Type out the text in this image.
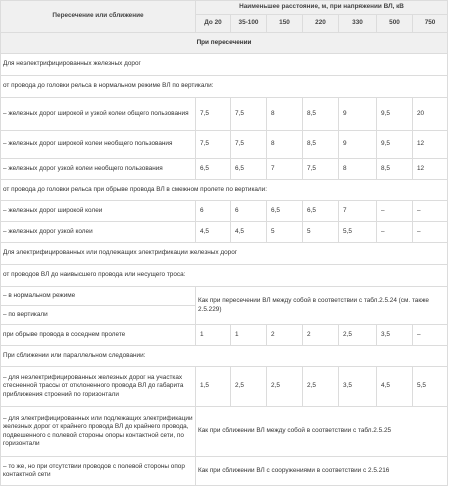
Пересечение или сближение	Наименьшее расстояние, м, при напряжении ВЛ, кВ						
	До 20	35-100	150	220	330	500	750
При пересечении							
Для неэлектрифицированных железных дорог							
от провода до головки рельса в нормальном режиме ВЛ по вертикали:							
– железных дорог широкой и узкой колеи общего пользования	7,5	7,5	8	8,5	9	9,5	20
– железных дорог широкой колеи необщего пользования	7,5	7,5	8	8,5	9	9,5	12
– железных дорог узкой колеи необщего пользования	6,5	6,5	7	7,5	8	8,5	12
от провода до головки рельса при обрыве провода ВЛ в смежном пролете по вертикали:							
– железных дорог широкой колеи	6	6	6,5	6,5	7	–	–
– железных дорог узкой колеи	4,5	4,5	5	5	5,5	–	–
Для электрифицированных или подлежащих электрификации железных дорог							
от проводов ВЛ до наивысшего провода или несущего троса:							
– в нормальном режиме	Как при пересечении ВЛ между собой в соответствии с табл.2.5.24 (см. также 2.5.229)						
– по вертикали							
при обрыве провода в соседнем пролете	1	1	2	2	2,5	3,5	–
При сближении или параллельном следовании:							
– для неэлектрифицированных железных дорог на участках стесненной трассы от отклоненного провода ВЛ до габарита приближения строений по горизонтали	1,5	2,5	2,5	2,5	3,5	4,5	5,5
– для электрифицированных или подлежащих электрификации железных дорог от крайнего провода ВЛ до крайнего провода, подвешенного с полевой стороны опоры контактной сети, по горизонтали	Как при сближении ВЛ между собой в соответствии с табл.2.5.25						
– то же, но при отсутствии проводов с полевой стороны опор контактной сети	Как при сближении ВЛ с сооружениями в соответствии с 2.5.216						
